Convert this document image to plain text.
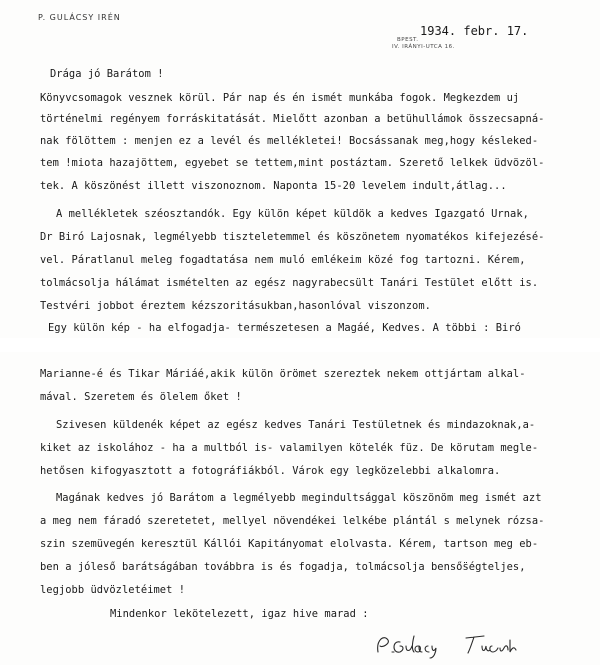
P. GULÁCSY IRÉN
1934. febr. 17.
BPEST.
IV. IRÁNYI-UTCA 16.
Drága jó Barátom !
Könyvcsomagok vesznek körül. Pár nap és én ismét munkába fogok. Megkezdem uj
történelmi regényem forráskitatását. Mielőtt azonban a betühullámok összecsapná-
nak fölöttem : menjen ez a levél és mellékletei! Bocsássanak meg,hogy késleked-
tem !miota hazajöttem, egyebet se tettem,mint postáztam. Szerető lelkek üdvözöl-
tek. A köszönést illett viszonoznom. Naponta 15-20 levelem indult,átlag...
A mellékletek széosztandók. Egy külön képet küldök a kedves Igazgató Urnak,
Dr Biró Lajosnak, legmélyebb tiszteletemmel és köszönetem nyomatékos kifejezésé-
vel. Páratlanul meleg fogadtatása nem muló emlékeim közé fog tartozni. Kérem,
tolmácsolja hálámat ismételten az egész nagyrabecsült Tanári Testület előtt is.
Testvéri jobbot éreztem kézszoritásukban,hasonlóval viszonzom.
Egy külön kép - ha elfogadja- természetesen a Magáé, Kedves. A többi : Biró
Marianne-é és Tikar Máriáé,akik külön örömet szereztek nekem ottjártam alkal-
mával. Szeretem és ölelem őket !
Szivesen küldenék képet az egész kedves Tanári Testületnek és mindazoknak,a-
kiket az iskolához - ha a multból is- valamilyen kötelék füz. De körutam megle-
hetősen kifogyasztott a fotográfiákból. Várok egy legközelebbi alkalomra.
Magának kedves jó Barátom a legmélyebb megindultsággal köszönöm meg ismét azt
a meg nem fáradó szeretetet, mellyel növendékei lelkébe plántál s melynek rózsa-
szin szemüvegén keresztül Kállói Kapitányomat elolvasta. Kérem, tartson meg eb-
ben a jóleső barátságában továbbra is és fogadja, tolmácsolja benső̈ségteljes,
legjobb üdvözletéimet !
Mindenkor lekötelezett, igaz hive marad :
